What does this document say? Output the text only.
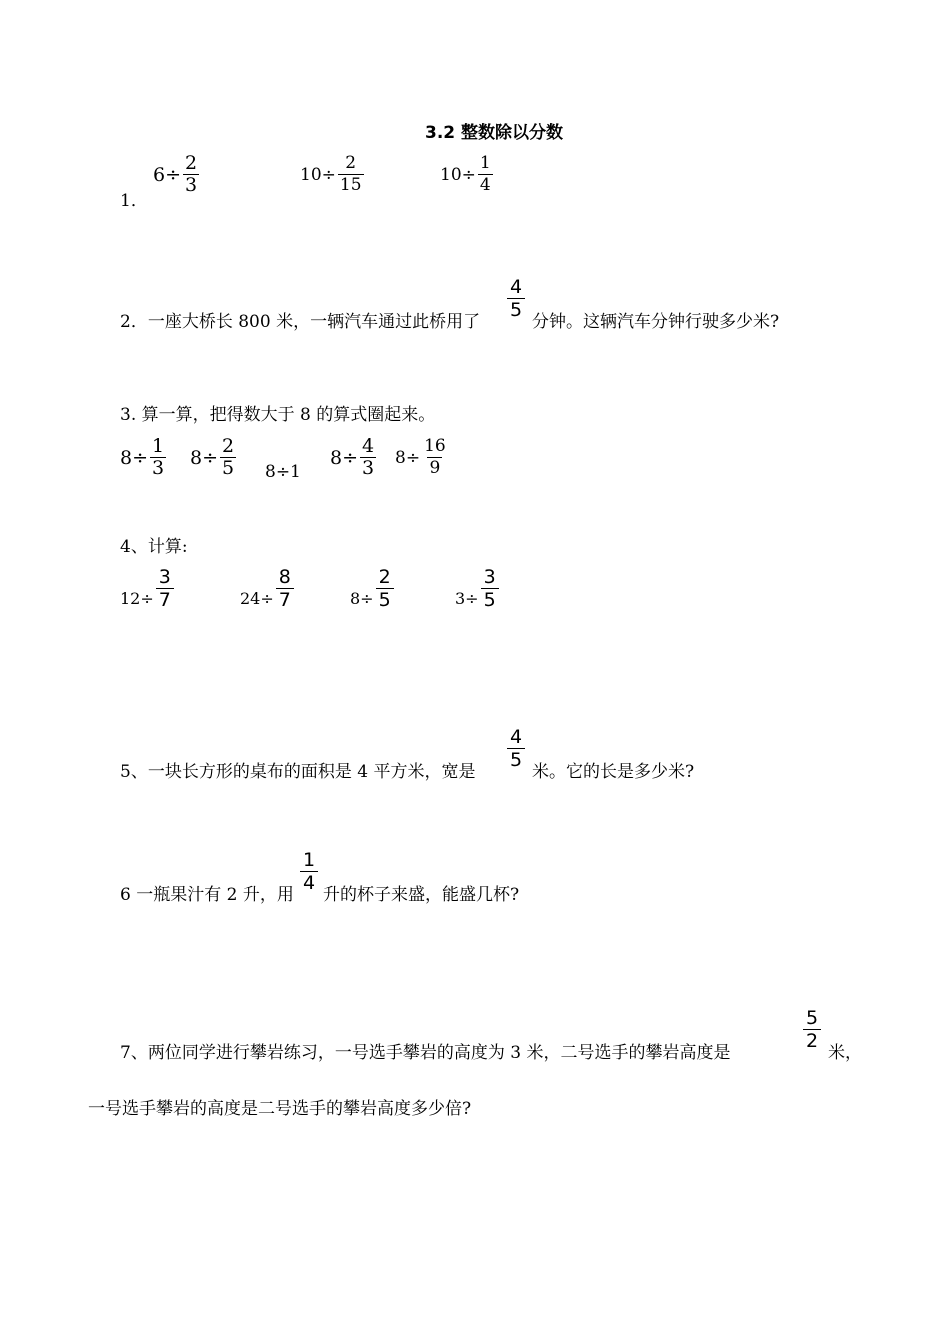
3.2 整数除以分数
1．
$6\div \frac{2}{3}$	$10\div \frac{2}{15}$	$10\div \frac{1}{4}$
2．一座大桥长 800 米，一辆汽车通过此桥用了
$\frac{4}{5}$
分钟。这辆汽车分钟行驶多少米?
3. 算一算，把得数大于 8 的算式圈起来。
$8\div \frac{1}{3} 8\div \frac{2}{5} 8\div 1$
$8\div \frac{4}{3} 8\div \frac{16}{9}$
4、计算:
$12\div \frac{3}{7}$	$24\div \frac{8}{7}$	$8\div \frac{2}{5}$	$3\div \frac{3}{5}$
5、一块长方形的桌布的面积是 4 平方米，宽是
$\frac{4}{5}$
米。它的长是多少米?
6 一瓶果汁有 2 升，用
$\frac{1}{4}$
升的杯子来盛，能盛几杯?
7、两位同学进行攀岩练习，一号选手攀岩的高度为 3 米，二号选手的攀岩高度是
$\frac{5}{2}$
米，
一号选手攀岩的高度是二号选手的攀岩高度多少倍?
